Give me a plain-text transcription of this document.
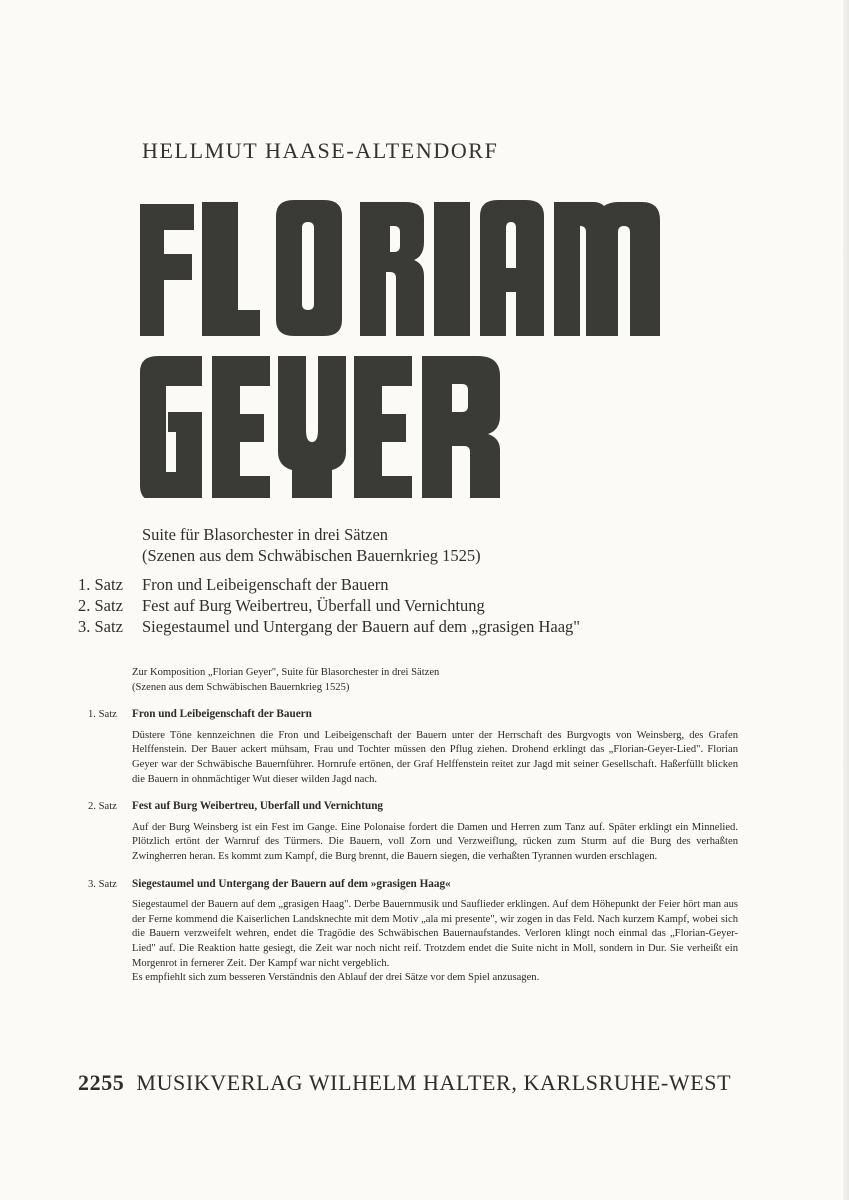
HELLMUT HAASE-ALTENDORF
Suite für Blasorchester in drei Sätzen
(Szenen aus dem Schwäbischen Bauernkrieg 1525)
1. Satz	Fron und Leibeigenschaft der Bauern
2. Satz	Fest auf Burg Weibertreu, Überfall und Vernichtung
3. Satz	Siegestaumel und Untergang der Bauern auf dem „grasigen Haag"
Zur Komposition „Florian Geyer", Suite für Blasorchester in drei Sätzen
(Szenen aus dem Schwäbischen Bauernkrieg 1525)
1. Satz	Fron und Leibeigenschaft der Bauern

Düstere Töne kennzeichnen die Fron und Leibeigenschaft der Bauern unter der Herrschaft des Burgvogts von Weinsberg, des Grafen Helffenstein. Der Bauer ackert mühsam, Frau und Tochter müssen den Pflug ziehen. Drohend erklingt das „Florian-Geyer-Lied". Florian Geyer war der Schwäbische Bauernführer. Hornrufe ertönen, der Graf Helffenstein reitet zur Jagd mit seiner Gesellschaft. Haßerfüllt blicken die Bauern in ohnmächtiger Wut dieser wilden Jagd nach.

2. Satz	Fest auf Burg Weibertreu, Uberfall und Vernichtung

Auf der Burg Weinsberg ist ein Fest im Gange. Eine Polonaise fordert die Damen und Herren zum Tanz auf. Später erklingt ein Minnelied. Plötzlich ertönt der Warnruf des Türmers. Die Bauern, voll Zorn und Verzweiflung, rücken zum Sturm auf die Burg des verhaßten Zwingherren heran. Es kommt zum Kampf, die Burg brennt, die Bauern siegen, die verhaßten Tyrannen wurden erschlagen.

3. Satz	Siegestaumel und Untergang der Bauern auf dem »grasigen Haag«

Siegestaumel der Bauern auf dem „grasigen Haag". Derbe Bauernmusik und Sauflieder erklingen. Auf dem Höhepunkt der Feier hört man aus der Ferne kommend die Kaiserlichen Landsknechte mit dem Motiv „ala mi presente", wir zogen in das Feld. Nach kurzem Kampf, wobei sich die Bauern verzweifelt wehren, endet die Tragödie des Schwäbischen Bauernaufstandes. Verloren klingt noch einmal das „Florian-Geyer-Lied" auf. Die Reaktion hatte gesiegt, die Zeit war noch nicht reif. Trotzdem endet die Suite nicht in Moll, sondern in Dur. Sie verheißt ein Morgenrot in fernerer Zeit. Der Kampf war nicht vergeblich.

Es empfiehlt sich zum besseren Verständnis den Ablauf der drei Sätze vor dem Spiel anzusagen.

2255 MUSIKVERLAG WILHELM HALTER, KARLSRUHE-WEST
